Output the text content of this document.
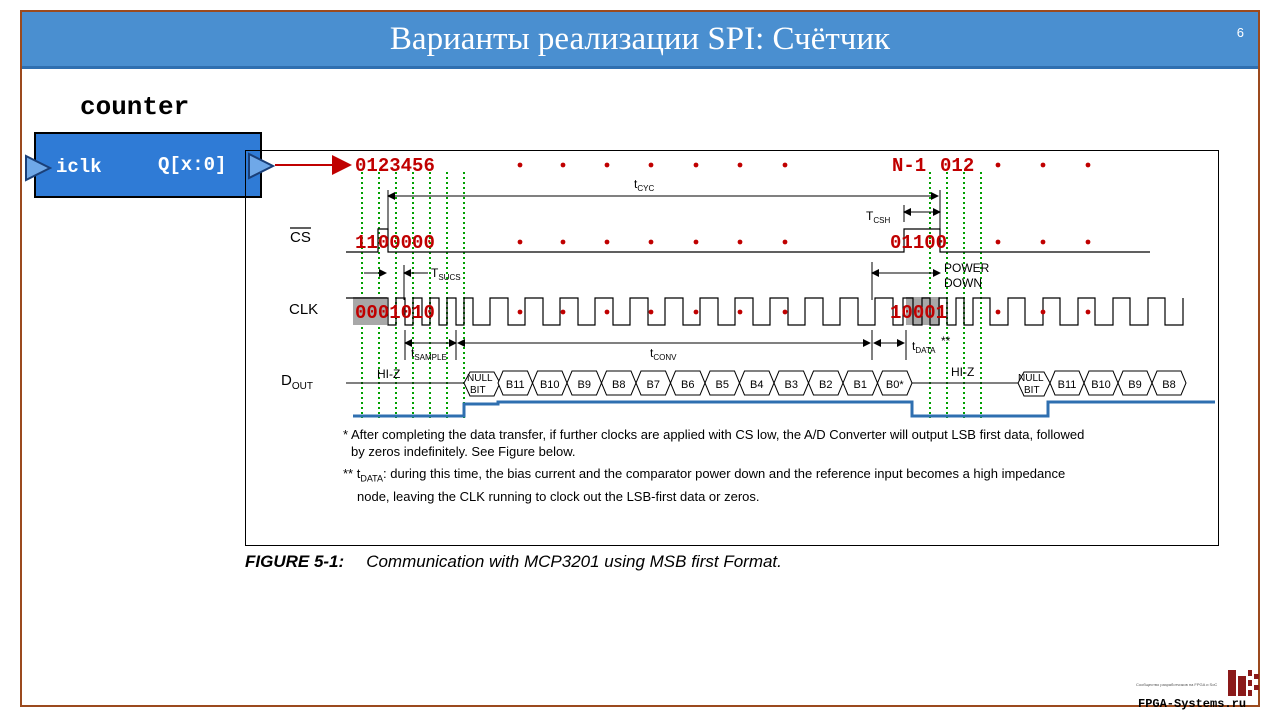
Варианты реализации SPI: Счётчик	6
counter
iclk	Q[x:0]	0123456	N-1 012
$t_{CYC}$
$T_{CSH}$
CS 1100000	01100
$T_{SUCS}$
POWER
DOWN
CLK 0001010	10001
$t_{SAMPLE}$	$t_{CONV}$
$t_{DATA}$
**
$D_{OUT}$
HI-Z	HI-Z
NULL
BIT
NULL
BIT
B11 B10 B9 B8 B7 B6 B5 B4 B3 B2 B1 B0*	B11 B10 B9 B8
* After completing the data transfer, if further clocks are applied with CS low, the A/D Converter will output LSB first data, followed
by zeros indefinitely. See Figure below.
** $t_{DATA}$: during this time, the bias current and the comparator power down and the reference input becomes a high impedance
node, leaving the CLK running to clock out the LSB-first data or zeros.
FIGURE 5-1: Communication with MCP3201 using MSB first Format.
Сообщество разработчиков на FPGA и SoC
FPGA-Systems.ru
